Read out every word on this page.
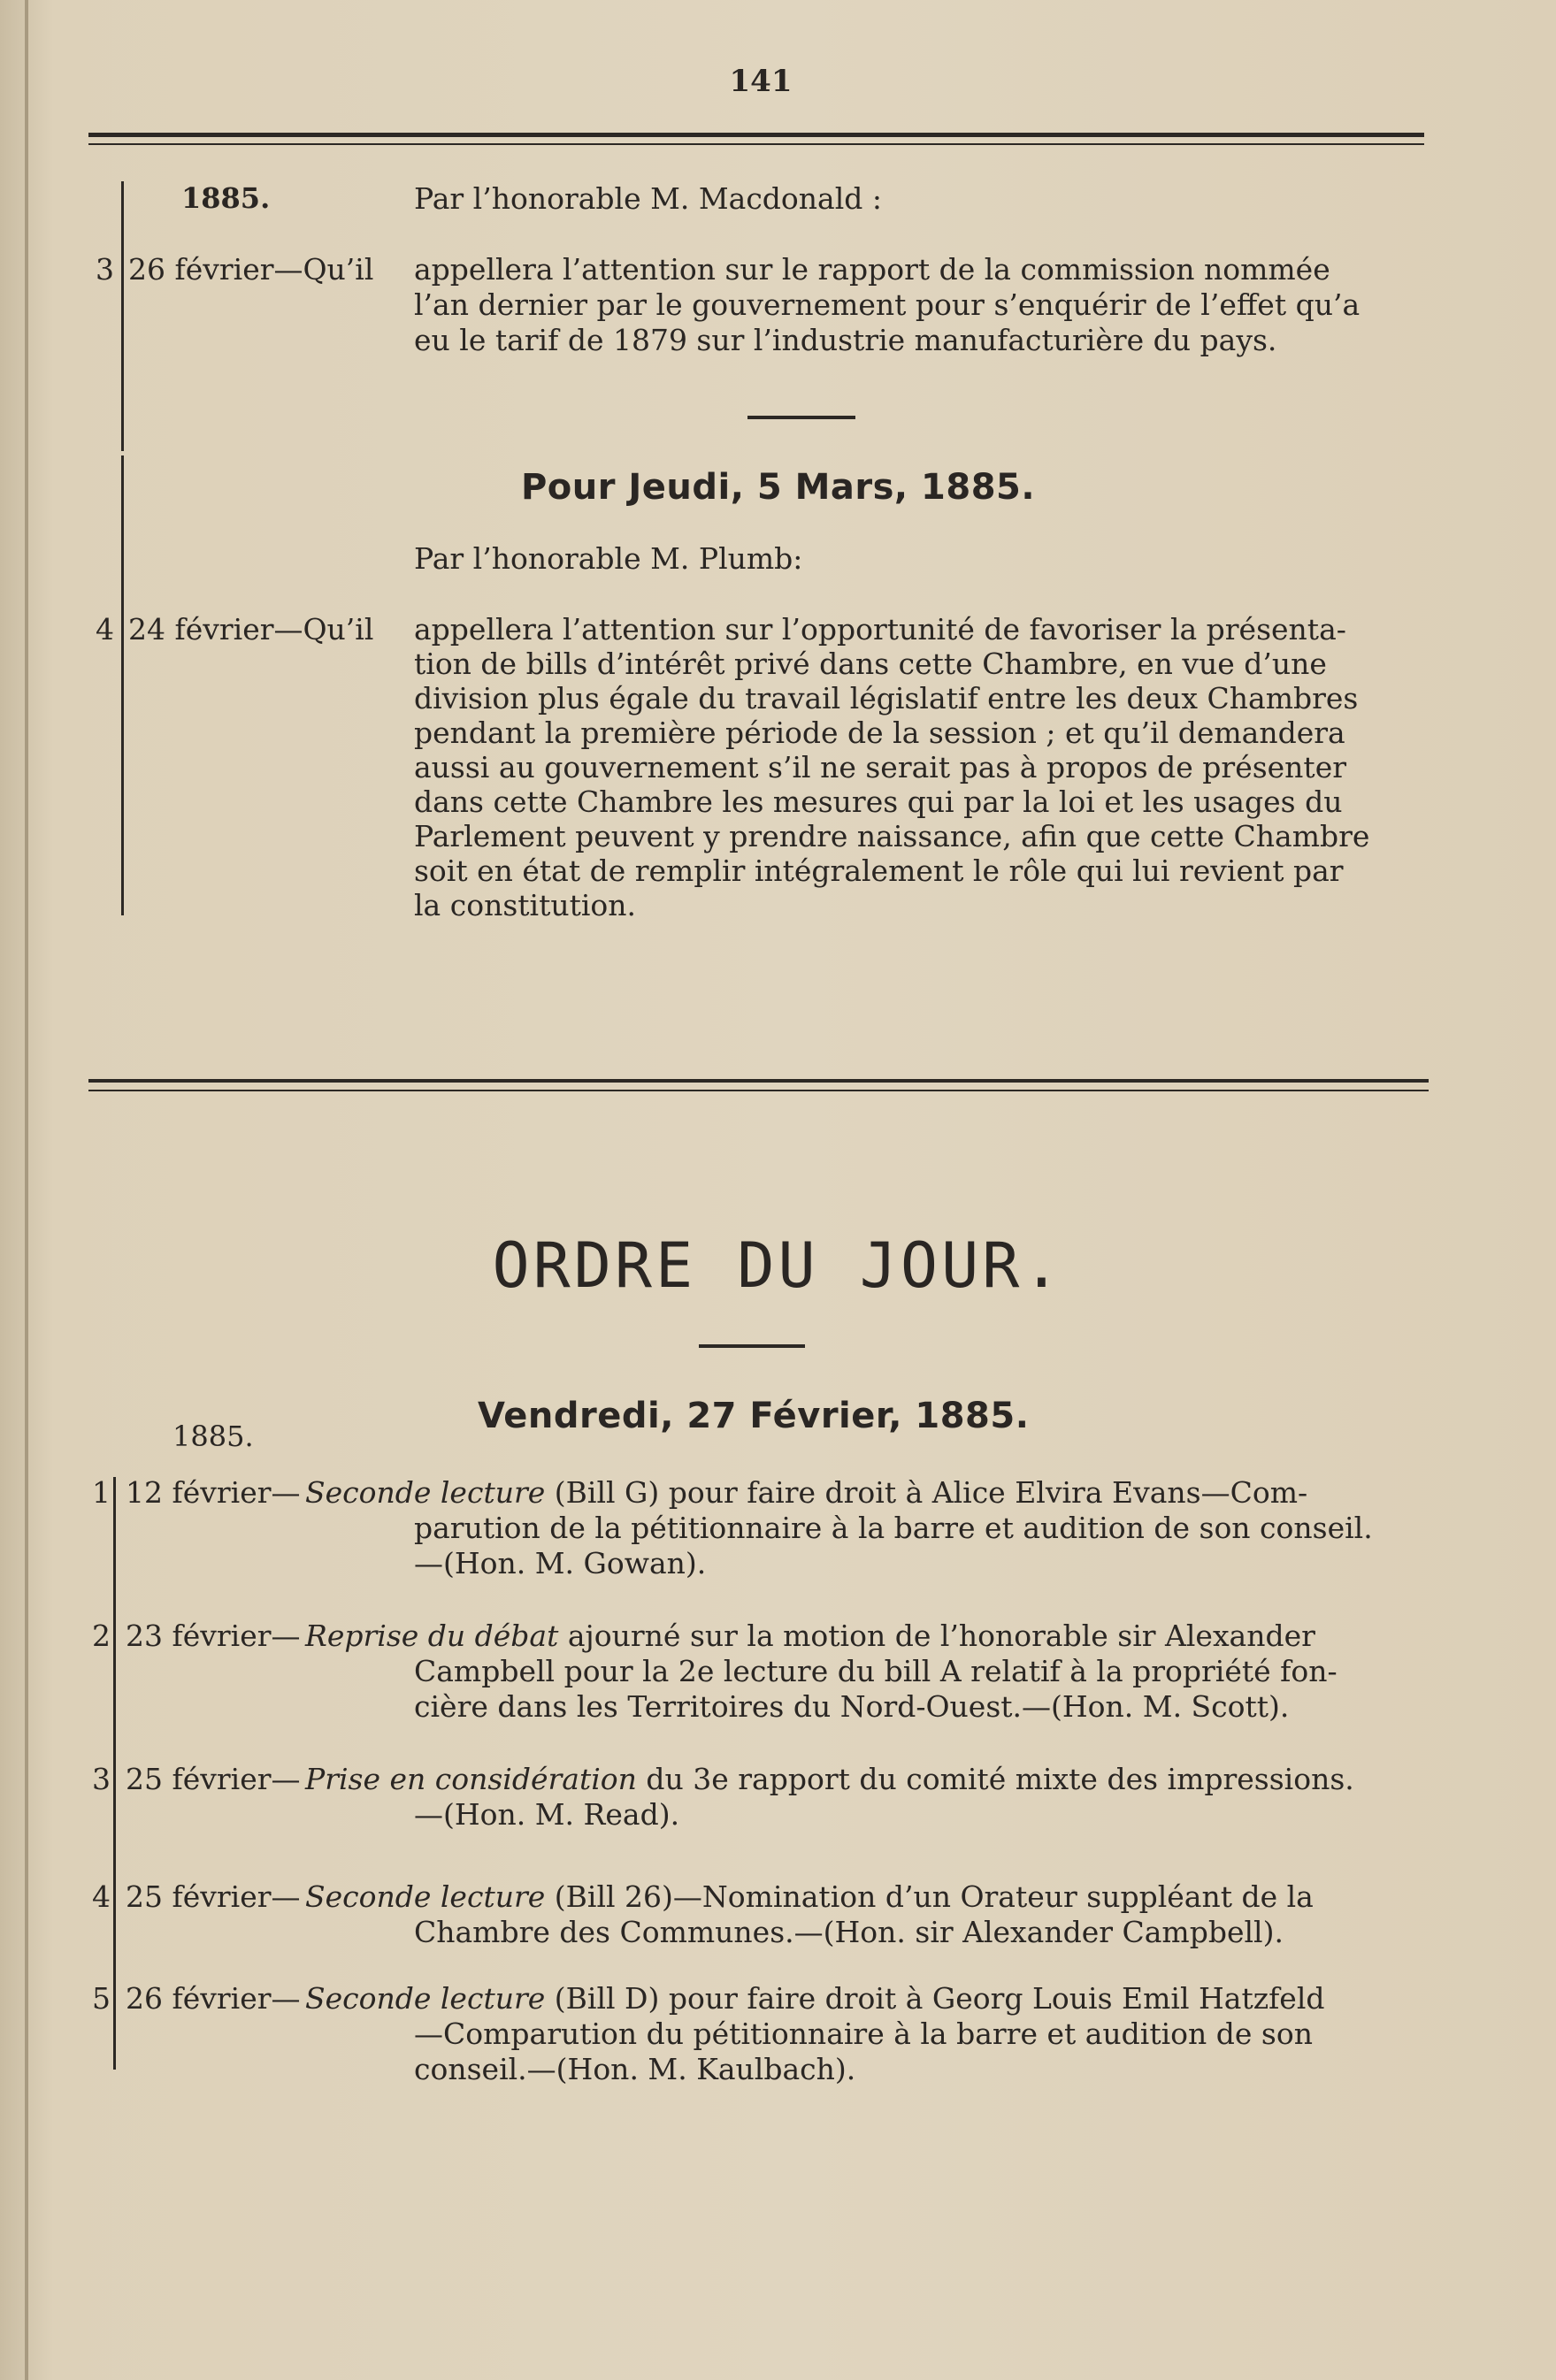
141
1885.	Par l’honorable M. Macdonald :
3 26 février—Qu’il appellera l’attention sur le rapport de la commission nommée
l’an dernier par le gouvernement pour s’enquérir de l’effet qu’a
eu le tarif de 1879 sur l’industrie manufacturière du pays.
Pour Jeudi, 5 Mars, 1885.
Par l’honorable M. Plumb:
4 24 février—Qu’il appellera l’attention sur l’opportunité de favoriser la présenta-
tion de bills d’intérêt privé dans cette Chambre, en vue d’une
division plus égale du travail législatif entre les deux Chambres
pendant la première période de la session ; et qu’il demandera
aussi au gouvernement s’il ne serait pas à propos de présenter
dans cette Chambre les mesures qui par la loi et les usages du
Parlement peuvent y prendre naissance, afin que cette Chambre
soit en état de remplir intégralement le rôle qui lui revient par
la constitution.
ORDRE DU JOUR.
Vendredi, 27 Février, 1885.
1885.
1 12 février— Seconde lecture (Bill G) pour faire droit à Alice Elvira Evans—Com-
parution de la pétitionnaire à la barre et audition de son conseil.
—(Hon. M. Gowan).
2 23 février— Reprise du débat ajourné sur la motion de l’honorable sir Alexander
Campbell pour la 2e lecture du bill A relatif à la propriété fon-
cière dans les Territoires du Nord-Ouest.—(Hon. M. Scott).
3 25 février— Prise en considération du 3e rapport du comité mixte des impressions.
—(Hon. M. Read).
4 25 février— Seconde lecture (Bill 26)—Nomination d’un Orateur suppléant de la
Chambre des Communes.—(Hon. sir Alexander Campbell).
5 26 février— Seconde lecture (Bill D) pour faire droit à Georg Louis Emil Hatzfeld
—Comparution du pétitionnaire à la barre et audition de son
conseil.—(Hon. M. Kaulbach).
